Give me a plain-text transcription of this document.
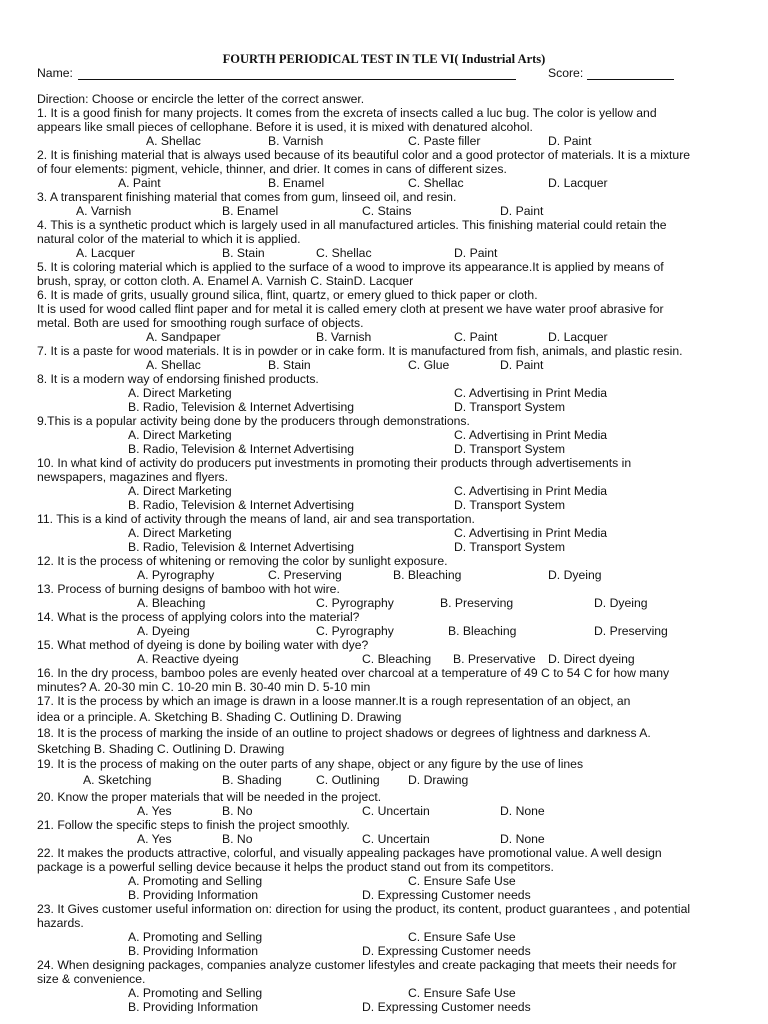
FOURTH PERIODICAL TEST IN TLE VI( Industrial Arts)
Name:	Score:
Direction: Choose or encircle the letter of the correct answer.
1. It is a good finish for many projects. It comes from the excreta of insects called a luc bug. The color is yellow and
appears like small pieces of cellophane. Before it is used, it is mixed with denatured alcohol.
A. Shellac	B. Varnish	C. Paste filler	D. Paint
2. It is finishing material that is always used because of its beautiful color and a good protector of materials. It is a mixture
of four elements: pigment, vehicle, thinner, and drier. It comes in cans of different sizes.
A. Paint	B. Enamel	C. Shellac	D. Lacquer
3. A transparent finishing material that comes from gum, linseed oil, and resin.
A. Varnish	B. Enamel	C. Stains	D. Paint
4. This is a synthetic product which is largely used in all manufactured articles. This finishing material could retain the
natural color of the material to which it is applied.
A. Lacquer	B. Stain	C. Shellac	D. Paint
5. It is coloring material which is applied to the surface of a wood to improve its appearance.It is applied by means of
brush, spray, or cotton cloth. A. Enamel A. Varnish C. StainD. Lacquer
6. It is made of grits, usually ground silica, flint, quartz, or emery glued to thick paper or cloth.
It is used for wood called flint paper and for metal it is called emery cloth at present we have water proof abrasive for
metal. Both are used for smoothing rough surface of objects.
A. Sandpaper	B. Varnish	C. Paint	D. Lacquer
7. It is a paste for wood materials. It is in powder or in cake form. It is manufactured from fish, animals, and plastic resin.
A. Shellac	B. Stain	C. Glue	D. Paint
8. It is a modern way of endorsing finished products.
A. Direct Marketing	C. Advertising in Print Media
B. Radio, Television & Internet Advertising	D. Transport System
9.This is a popular activity being done by the producers through demonstrations.
A. Direct Marketing	C. Advertising in Print Media
B. Radio, Television & Internet Advertising	D. Transport System
10. In what kind of activity do producers put investments in promoting their products through advertisements in
newspapers, magazines and flyers.
A. Direct Marketing	C. Advertising in Print Media
B. Radio, Television & Internet Advertising	D. Transport System
11. This is a kind of activity through the means of land, air and sea transportation.
A. Direct Marketing	C. Advertising in Print Media
B. Radio, Television & Internet Advertising	D. Transport System
12. It is the process of whitening or removing the color by sunlight exposure.
A. Pyrography	C. Preserving	B. Bleaching	D. Dyeing
13. Process of burning designs of bamboo with hot wire.
A. Bleaching	C. Pyrography	B. Preserving	D. Dyeing
14. What is the process of applying colors into the material?
A. Dyeing	C. Pyrography	B. Bleaching	D. Preserving
15. What method of dyeing is done by boiling water with dye?
A. Reactive dyeing	C. Bleaching B. Preservative D. Direct dyeing
16. In the dry process, bamboo poles are evenly heated over charcoal at a temperature of 49 C to 54 C for how many
minutes? A. 20-30 min C. 10-20 min B. 30-40 min D. 5-10 min
17. It is the process by which an image is drawn in a loose manner.It is a rough representation of an object, an
idea or a principle. A. Sketching B. Shading C. Outlining D. Drawing
18. It is the process of marking the inside of an outline to project shadows or degrees of lightness and darkness A.
Sketching B. Shading C. Outlining D. Drawing
19. It is the process of making on the outer parts of any shape, object or any figure by the use of lines
A. Sketching	B. Shading	C. Outlining D. Drawing
20. Know the proper materials that will be needed in the project.
A. Yes	B. No	C. Uncertain	D. None
21. Follow the specific steps to finish the project smoothly.
A. Yes	B. No	C. Uncertain	D. None
22. It makes the products attractive, colorful, and visually appealing packages have promotional value. A well design
package is a powerful selling device because it helps the product stand out from its competitors.
A. Promoting and Selling	C. Ensure Safe Use
B. Providing Information	D. Expressing Customer needs
23. It Gives customer useful information on: direction for using the product, its content, product guarantees , and potential
hazards.
A. Promoting and Selling	C. Ensure Safe Use
B. Providing Information	D. Expressing Customer needs
24. When designing packages, companies analyze customer lifestyles and create packaging that meets their needs for
size & convenience.
A. Promoting and Selling	C. Ensure Safe Use
B. Providing Information	D. Expressing Customer needs
